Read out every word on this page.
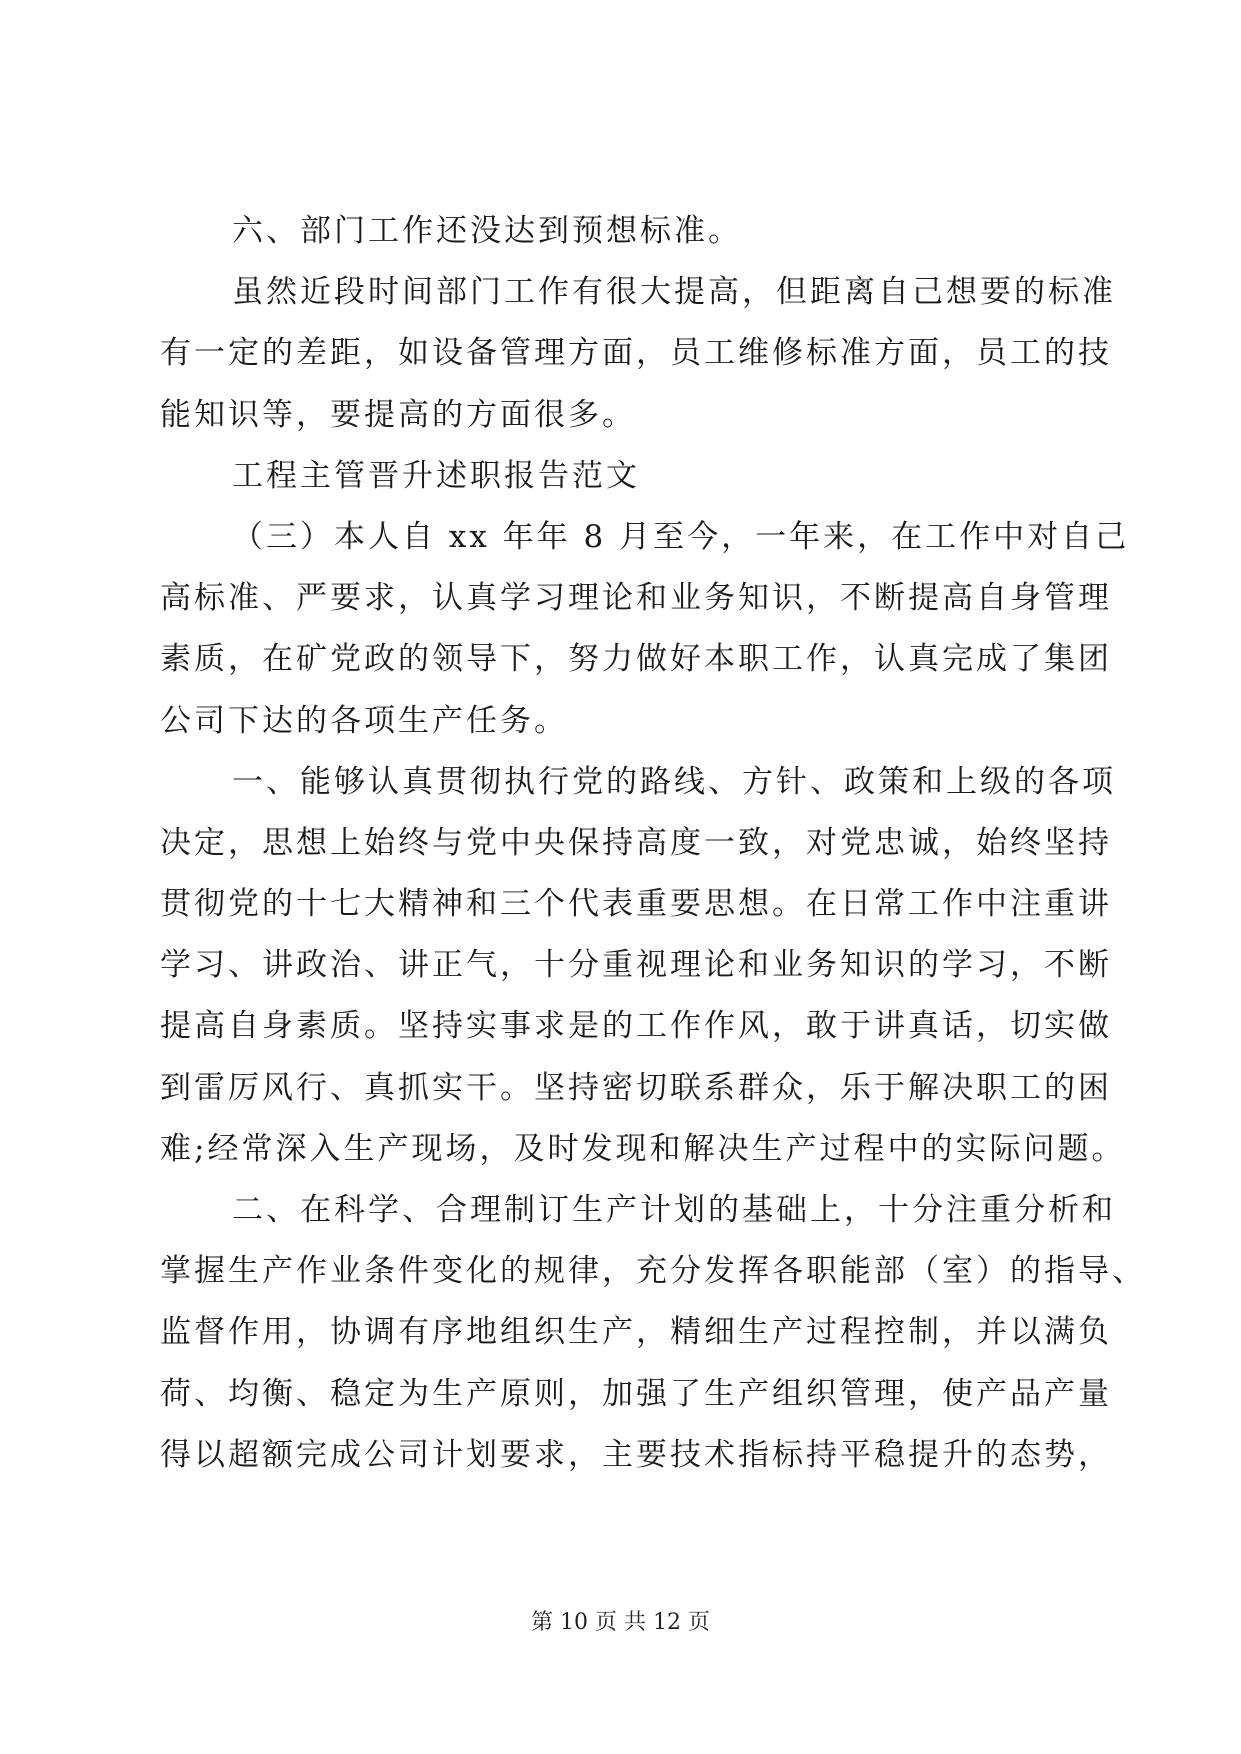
六、部门工作还没达到预想标准。
虽然近段时间部门工作有很大提高，但距离自己想要的标准
有一定的差距，如设备管理方面，员工维修标准方面，员工的技
能知识等，要提高的方面很多。
工程主管晋升述职报告范文
（三）本人自 xx 年年 8 月至今，一年来，在工作中对自己
高标准、严要求，认真学习理论和业务知识，不断提高自身管理
素质，在矿党政的领导下，努力做好本职工作，认真完成了集团
公司下达的各项生产任务。
一、能够认真贯彻执行党的路线、方针、政策和上级的各项
决定，思想上始终与党中央保持高度一致，对党忠诚，始终坚持
贯彻党的十七大精神和三个代表重要思想。在日常工作中注重讲
学习、讲政治、讲正气，十分重视理论和业务知识的学习，不断
提高自身素质。坚持实事求是的工作作风，敢于讲真话，切实做
到雷厉风行、真抓实干。坚持密切联系群众，乐于解决职工的困
难;经常深入生产现场，及时发现和解决生产过程中的实际问题。
二、在科学、合理制订生产计划的基础上，十分注重分析和
掌握生产作业条件变化的规律，充分发挥各职能部（室）的指导、
监督作用，协调有序地组织生产，精细生产过程控制，并以满负
荷、均衡、稳定为生产原则，加强了生产组织管理，使产品产量
得以超额完成公司计划要求，主要技术指标持平稳提升的态势，
第 10 页 共 12 页
